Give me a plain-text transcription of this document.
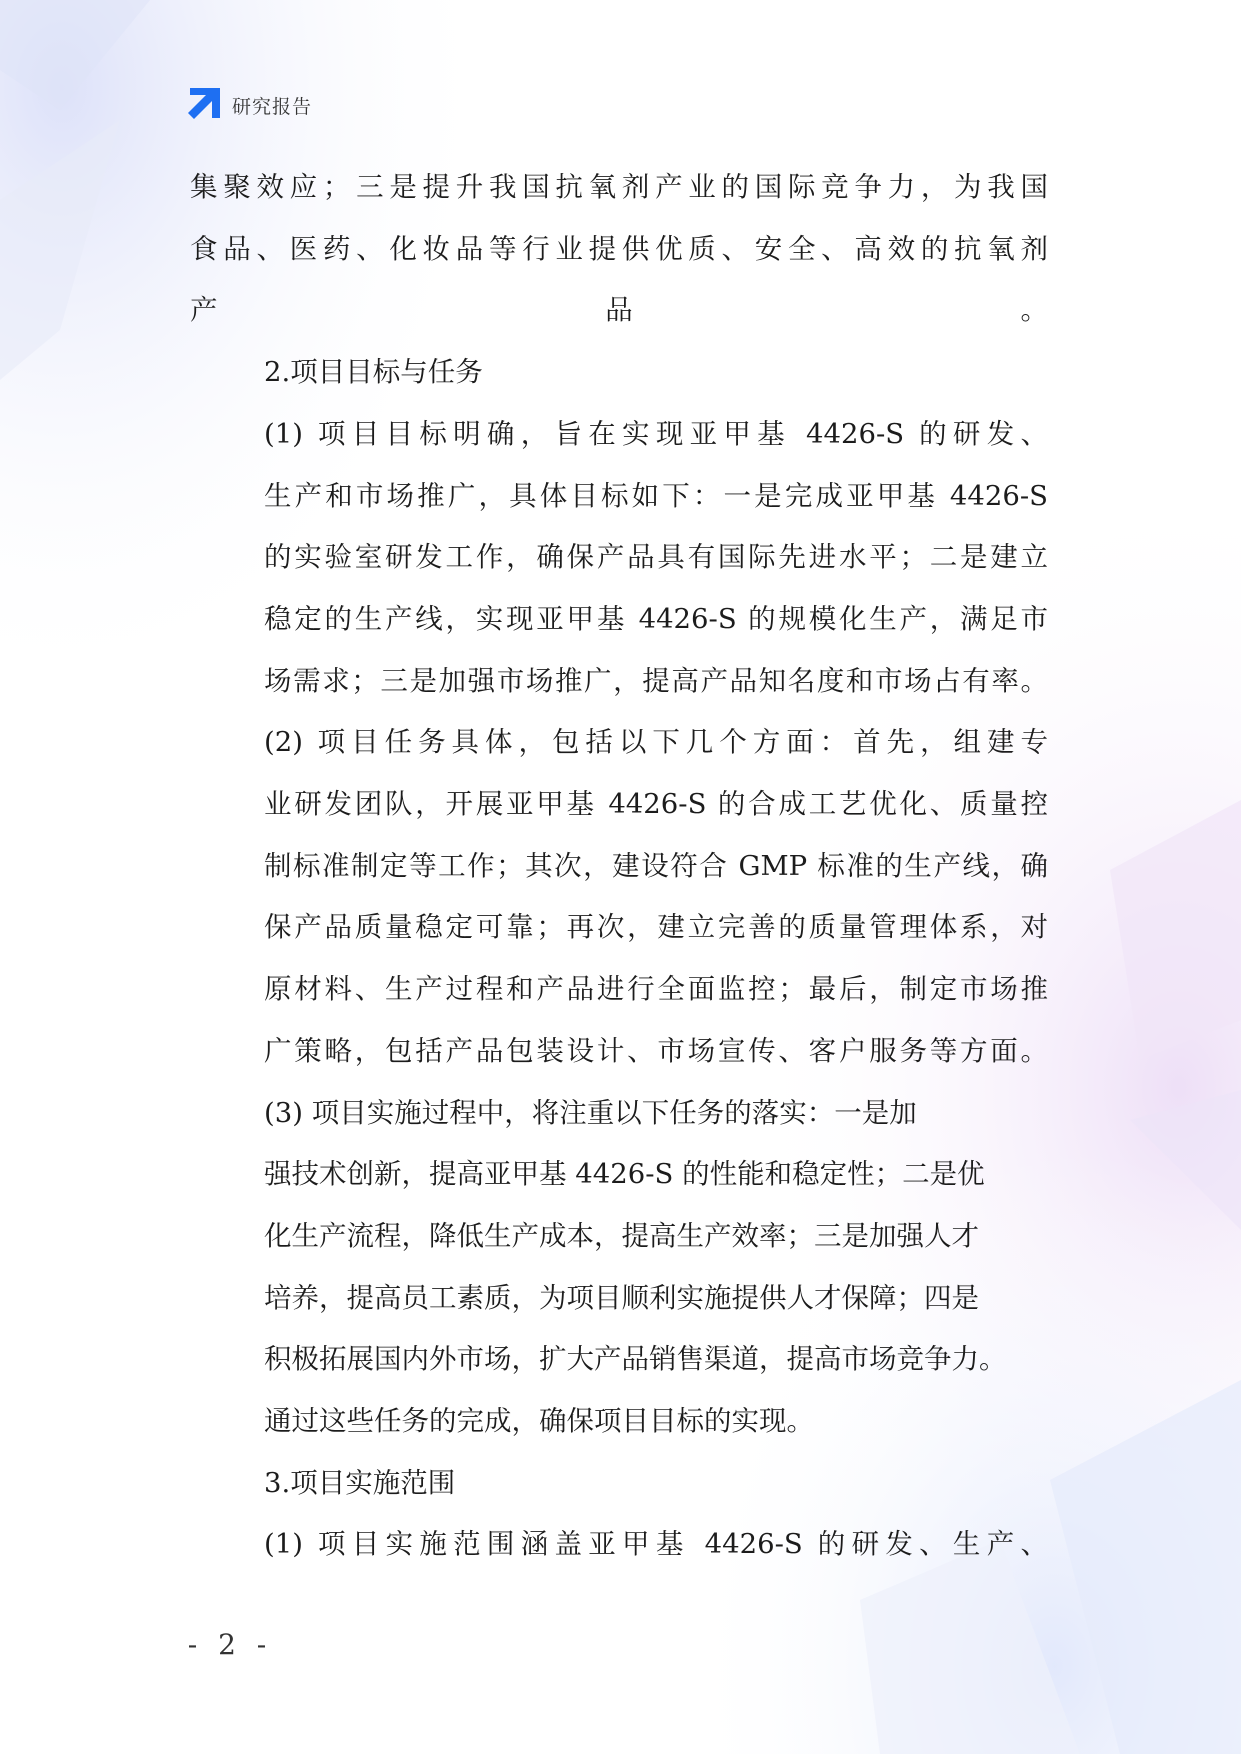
研究报告

集聚效应；三是提升我国抗氧剂产业的国际竞争力，为我国
食品、医药、化妆品等行业提供优质、安全、高效的抗氧剂
产品。

2.项目目标与任务

(1) 项目目标明确，旨在实现亚甲基 4426-S 的研发、
生产和市场推广，具体目标如下：一是完成亚甲基 4426-S
的实验室研发工作，确保产品具有国际先进水平；二是建立
稳定的生产线，实现亚甲基 4426-S 的规模化生产，满足市
场需求；三是加强市场推广，提高产品知名度和市场占有率。

(2) 项目任务具体，包括以下几个方面：首先，组建专
业研发团队，开展亚甲基 4426-S 的合成工艺优化、质量控
制标准制定等工作；其次，建设符合 GMP 标准的生产线，确
保产品质量稳定可靠；再次，建立完善的质量管理体系，对
原材料、生产过程和产品进行全面监控；最后，制定市场推
广策略，包括产品包装设计、市场宣传、客户服务等方面。

(3) 项目实施过程中，将注重以下任务的落实：一是加
强技术创新，提高亚甲基 4426-S 的性能和稳定性；二是优
化生产流程，降低生产成本，提高生产效率；三是加强人才
培养，提高员工素质，为项目顺利实施提供人才保障；四是
积极拓展国内外市场，扩大产品销售渠道，提高市场竞争力。
通过这些任务的完成，确保项目目标的实现。

3.项目实施范围

(1) 项目实施范围涵盖亚甲基 4426-S 的研发、生产、

- 2 -
